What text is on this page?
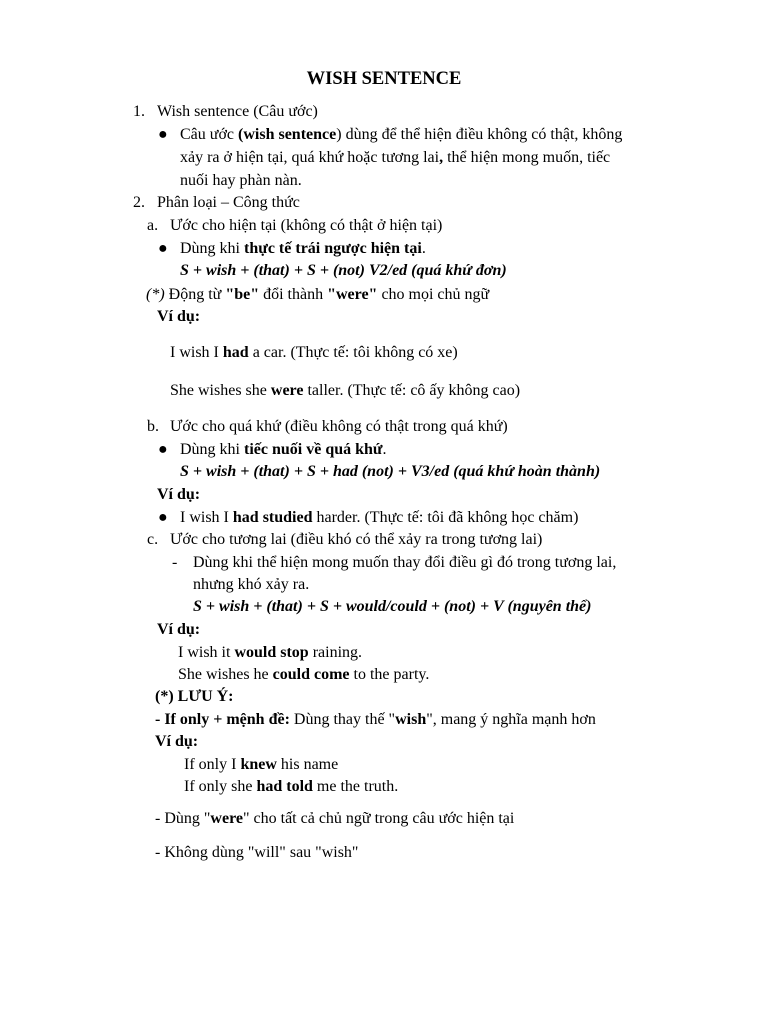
WISH SENTENCE
1. Wish sentence (Câu ước)
● Câu ước (wish sentence) dùng để thể hiện điều không có thật, không
xảy ra ở hiện tại, quá khứ hoặc tương lai, thể hiện mong muốn, tiếc
nuối hay phàn nàn.
2. Phân loại – Công thức
a. Ước cho hiện tại (không có thật ở hiện tại)
● Dùng khi thực tế trái ngược hiện tại.
S + wish + (that) + S + (not) V2/ed (quá khứ đơn)
(*) Động từ "be" đổi thành "were" cho mọi chủ ngữ
Ví dụ:
I wish I had a car. (Thực tế: tôi không có xe)
She wishes she were taller. (Thực tế: cô ấy không cao)
b. Ước cho quá khứ (điều không có thật trong quá khứ)
● Dùng khi tiếc nuối về quá khứ.
S + wish + (that) + S + had (not) + V3/ed (quá khứ hoàn thành)
Ví dụ:
● I wish I had studied harder. (Thực tế: tôi đã không học chăm)
c. Ước cho tương lai (điều khó có thể xảy ra trong tương lai)
- Dùng khi thể hiện mong muốn thay đổi điều gì đó trong tương lai,
nhưng khó xảy ra.
S + wish + (that) + S + would/could + (not) + V (nguyên thể)
Ví dụ:
I wish it would stop raining.
She wishes he could come to the party.
(*) LƯU Ý:
- If only + mệnh đề: Dùng thay thế "wish", mang ý nghĩa mạnh hơn
Ví dụ:
If only I knew his name
If only she had told me the truth.
- Dùng "were" cho tất cả chủ ngữ trong câu ước hiện tại
- Không dùng "will" sau "wish"
